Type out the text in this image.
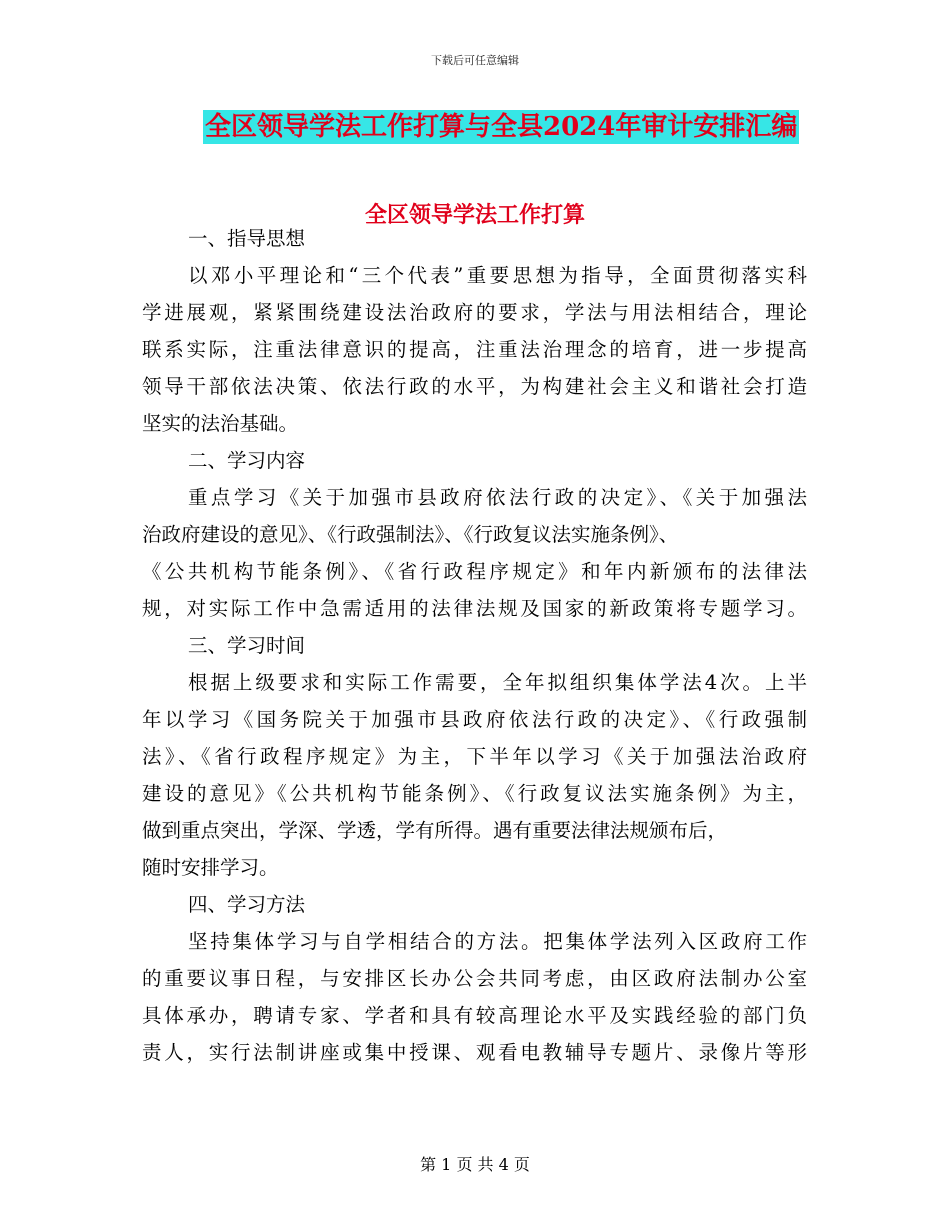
下载后可任意编辑
全区领导学法工作打算与全县2024年审计安排汇编
全区领导学法工作打算
一、指导思想
以邓小平理论和“三个代表”重要思想为指导，全面贯彻落实科
学进展观，紧紧围绕建设法治政府的要求，学法与用法相结合，理论
联系实际，注重法律意识的提高，注重法治理念的培育，进一步提高
领导干部依法决策、依法行政的水平，为构建社会主义和谐社会打造
坚实的法治基础。
二、学习内容
重点学习《关于加强市县政府依法行政的决定》、《关于加强法
治政府建设的意见》、《行政强制法》、《行政复议法实施条例》、
《公共机构节能条例》、《省行政程序规定》和年内新颁布的法律法
规，对实际工作中急需适用的法律法规及国家的新政策将专题学习。
三、学习时间
根据上级要求和实际工作需要，全年拟组织集体学法4次。上半
年以学习《国务院关于加强市县政府依法行政的决定》、《行政强制
法》、《省行政程序规定》为主，下半年以学习《关于加强法治政府
建设的意见》《公共机构节能条例》、《行政复议法实施条例》为主，
做到重点突出，学深、学透，学有所得。遇有重要法律法规颁布后，
随时安排学习。
四、学习方法
坚持集体学习与自学相结合的方法。把集体学法列入区政府工作
的重要议事日程，与安排区长办公会共同考虑，由区政府法制办公室
具体承办，聘请专家、学者和具有较高理论水平及实践经验的部门负
责人，实行法制讲座或集中授课、观看电教辅导专题片、录像片等形
第 1 页 共 4 页
